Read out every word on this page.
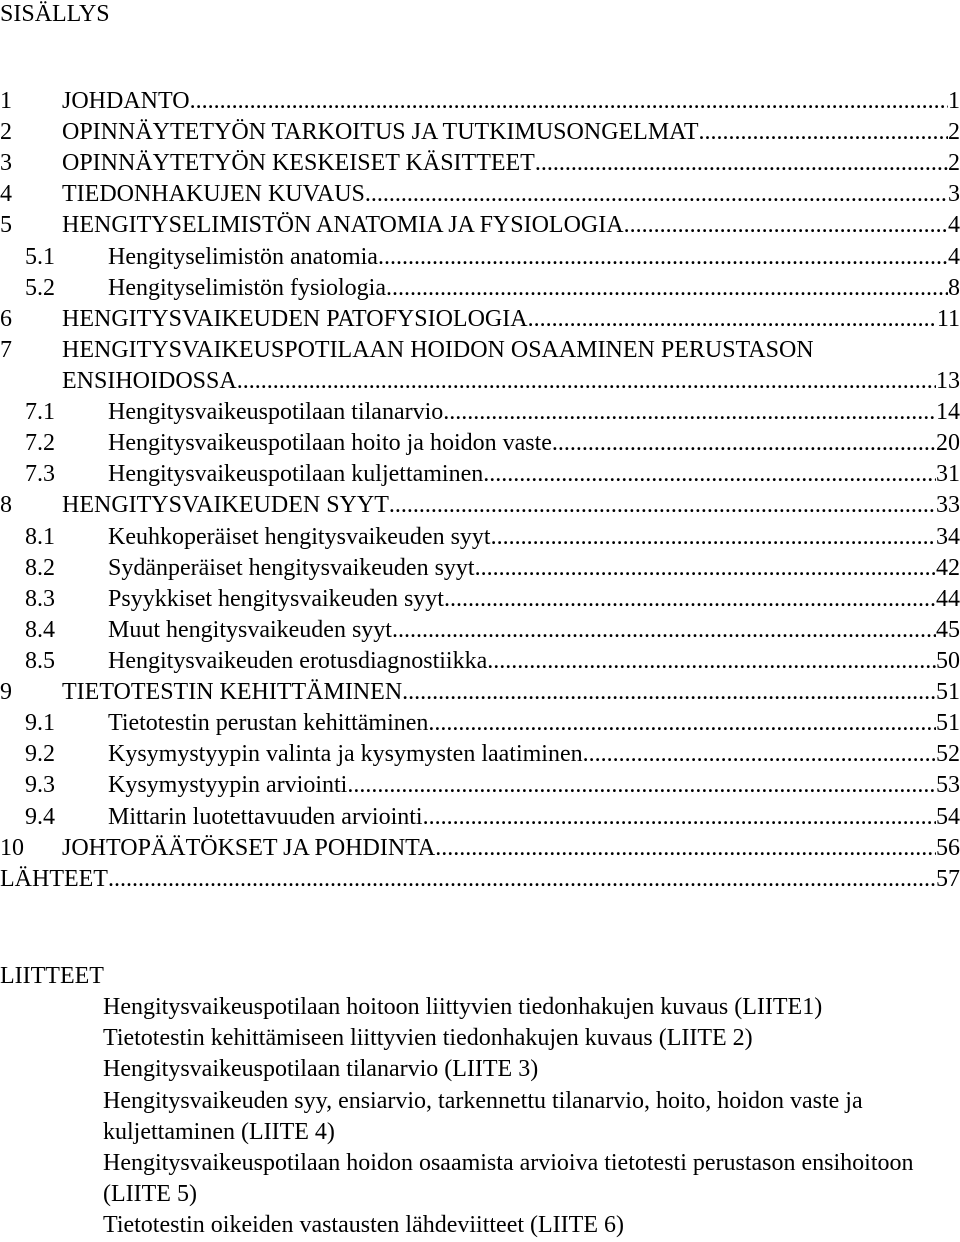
SISÄLLYS
1 JOHDANTO .....	1
2 OPINNÄYTETYÖN TARKOITUS JA TUTKIMUSONGELMAT .....	2
3 OPINNÄYTETYÖN KESKEISET KÄSITTEET .....	2
4 TIEDONHAKUJEN KUVAUS .....	3
5 HENGITYSELIMISTÖN ANATOMIA JA FYSIOLOGIA .....	4
5.1 Hengityselimistön anatomia .....	4
5.2 Hengityselimistön fysiologia .....	8
6 HENGITYSVAIKEUDEN PATOFYSIOLOGIA .....	11
7 HENGITYSVAIKEUSPOTILAAN HOIDON OSAAMINEN PERUSTASON
ENSIHOIDOSSA .....	13
7.1 Hengitysvaikeuspotilaan tilanarvio .....	14
7.2 Hengitysvaikeuspotilaan hoito ja hoidon vaste .....	20
7.3 Hengitysvaikeuspotilaan kuljettaminen .....	31
8 HENGITYSVAIKEUDEN SYYT .....	33
8.1 Keuhkoperäiset hengitysvaikeuden syyt .....	34
8.2 Sydänperäiset hengitysvaikeuden syyt .....	42
8.3 Psyykkiset hengitysvaikeuden syyt .....	44
8.4 Muut hengitysvaikeuden syyt .....	45
8.5 Hengitysvaikeuden erotusdiagnostiikka .....	50
9 TIETOTESTIN KEHITTÄMINEN .....	51
9.1 Tietotestin perustan kehittäminen .....	51
9.2 Kysymystyypin valinta ja kysymysten laatiminen .....	52
9.3 Kysymystyypin arviointi .....	53
9.4 Mittarin luotettavuuden arviointi .....	54
10 JOHTOPÄÄTÖKSET JA POHDINTA .....	56
LÄHTEET .....	57
LIITTEET
Hengitysvaikeuspotilaan hoitoon liittyvien tiedonhakujen kuvaus (LIITE1)
Tietotestin kehittämiseen liittyvien tiedonhakujen kuvaus (LIITE 2)
Hengitysvaikeuspotilaan tilanarvio (LIITE 3)
Hengitysvaikeuden syy, ensiarvio, tarkennettu tilanarvio, hoito, hoidon vaste ja kuljettaminen (LIITE 4)
Hengitysvaikeuspotilaan hoidon osaamista arvioiva tietotesti perustason ensihoitoon (LIITE 5)
Tietotestin oikeiden vastausten lähdeviitteet (LIITE 6)
